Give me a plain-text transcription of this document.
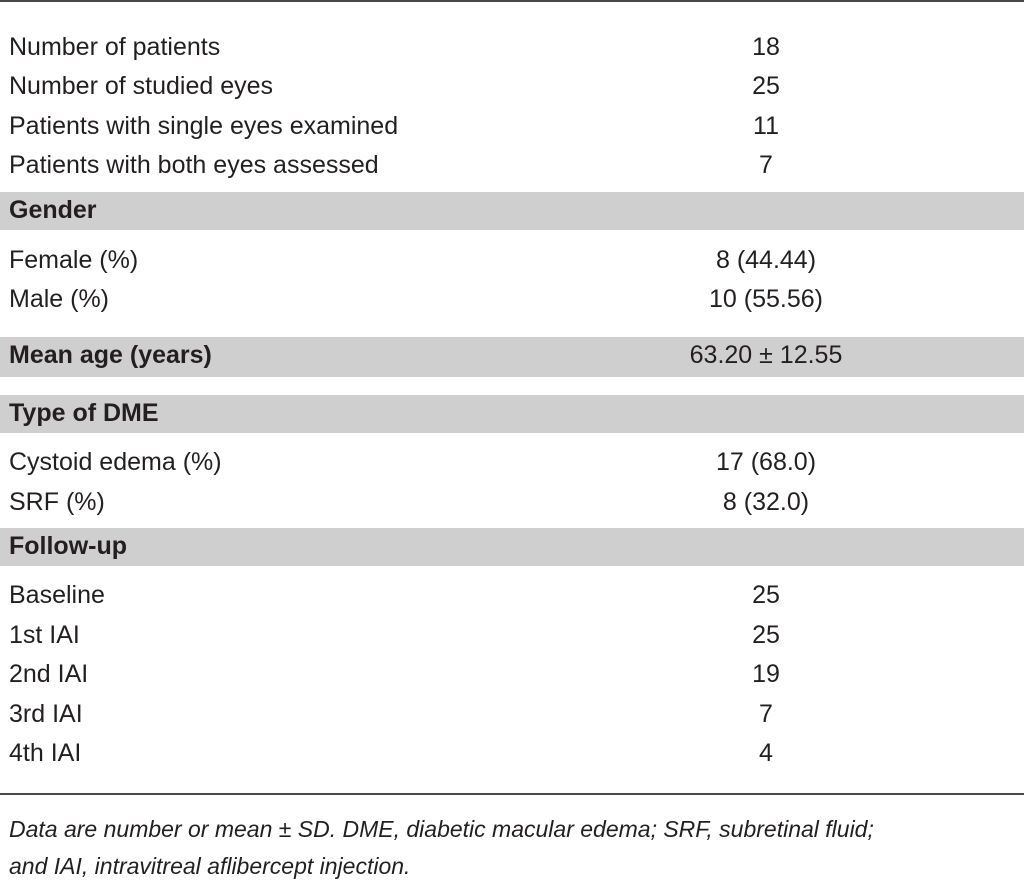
Number of patients	18
Number of studied eyes	25
Patients with single eyes examined	11
Patients with both eyes assessed	7
Gender
Female (%)	8 (44.44)
Male (%)	10 (55.56)
Mean age (years)	63.20 ± 12.55
Type of DME
Cystoid edema (%)	17 (68.0)
SRF (%)	8 (32.0)
Follow-up
Baseline	25
1st IAI	25
2nd IAI	19
3rd IAI	7
4th IAI	4
Data are number or mean ± SD. DME, diabetic macular edema; SRF, subretinal fluid;
and IAI, intravitreal aflibercept injection.
